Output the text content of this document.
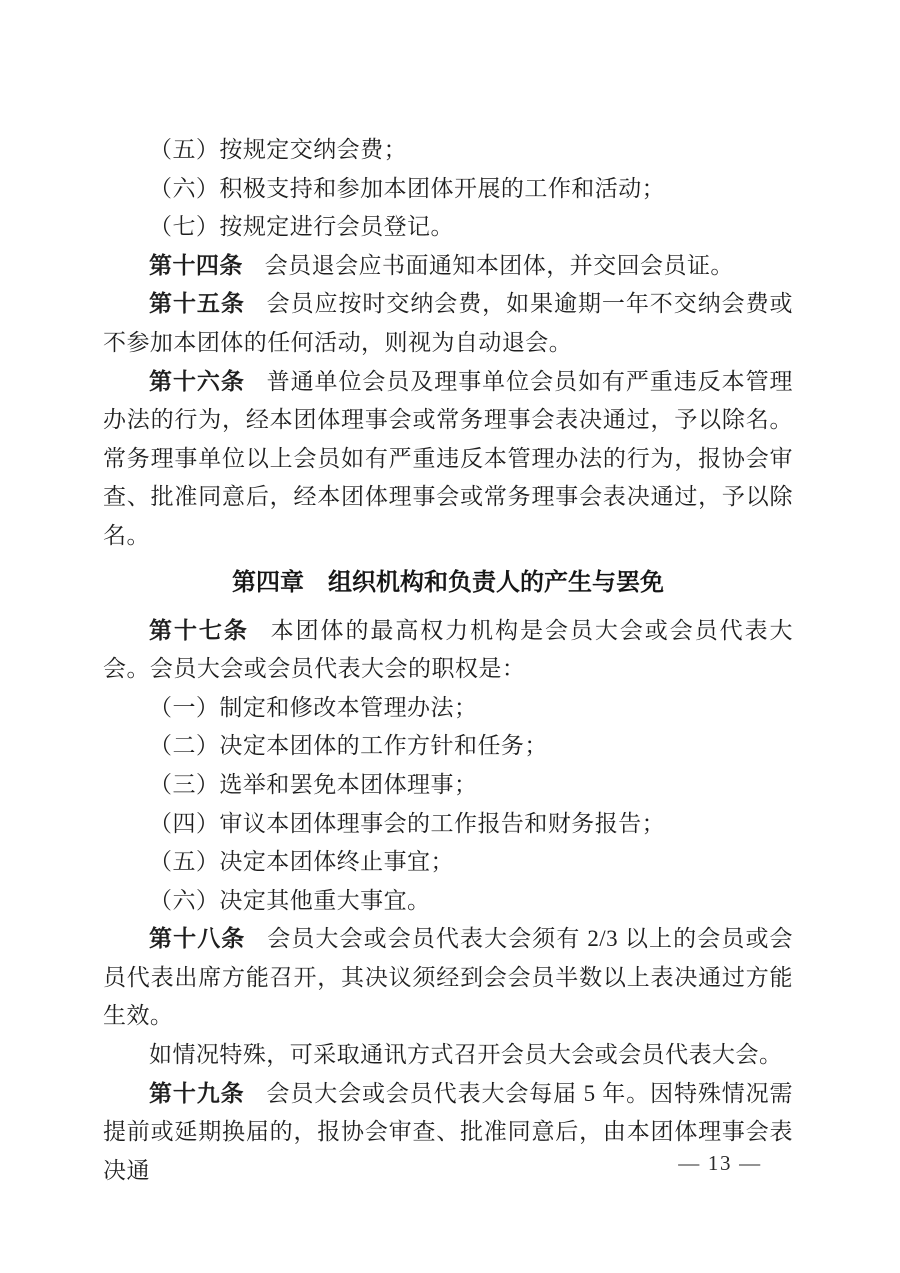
（五）按规定交纳会费；

（六）积极支持和参加本团体开展的工作和活动；

（七）按规定进行会员登记。

第十四条 会员退会应书面通知本团体，并交回会员证。

第十五条 会员应按时交纳会费，如果逾期一年不交纳会费或不参加本团体的任何活动，则视为自动退会。

第十六条 普通单位会员及理事单位会员如有严重违反本管理办法的行为，经本团体理事会或常务理事会表决通过，予以除名。常务理事单位以上会员如有严重违反本管理办法的行为，报协会审查、批准同意后，经本团体理事会或常务理事会表决通过，予以除名。

第四章　组织机构和负责人的产生与罢免

第十七条 本团体的最高权力机构是会员大会或会员代表大会。会员大会或会员代表大会的职权是：

（一）制定和修改本管理办法；

（二）决定本团体的工作方针和任务；

（三）选举和罢免本团体理事；

（四）审议本团体理事会的工作报告和财务报告；

（五）决定本团体终止事宜；

（六）决定其他重大事宜。

第十八条 会员大会或会员代表大会须有 2/3 以上的会员或会员代表出席方能召开，其决议须经到会会员半数以上表决通过方能生效。

如情况特殊，可采取通讯方式召开会员大会或会员代表大会。

第十九条 会员大会或会员代表大会每届 5 年。因特殊情况需提前或延期换届的，报协会审查、批准同意后，由本团体理事会表决通	— 13 —
